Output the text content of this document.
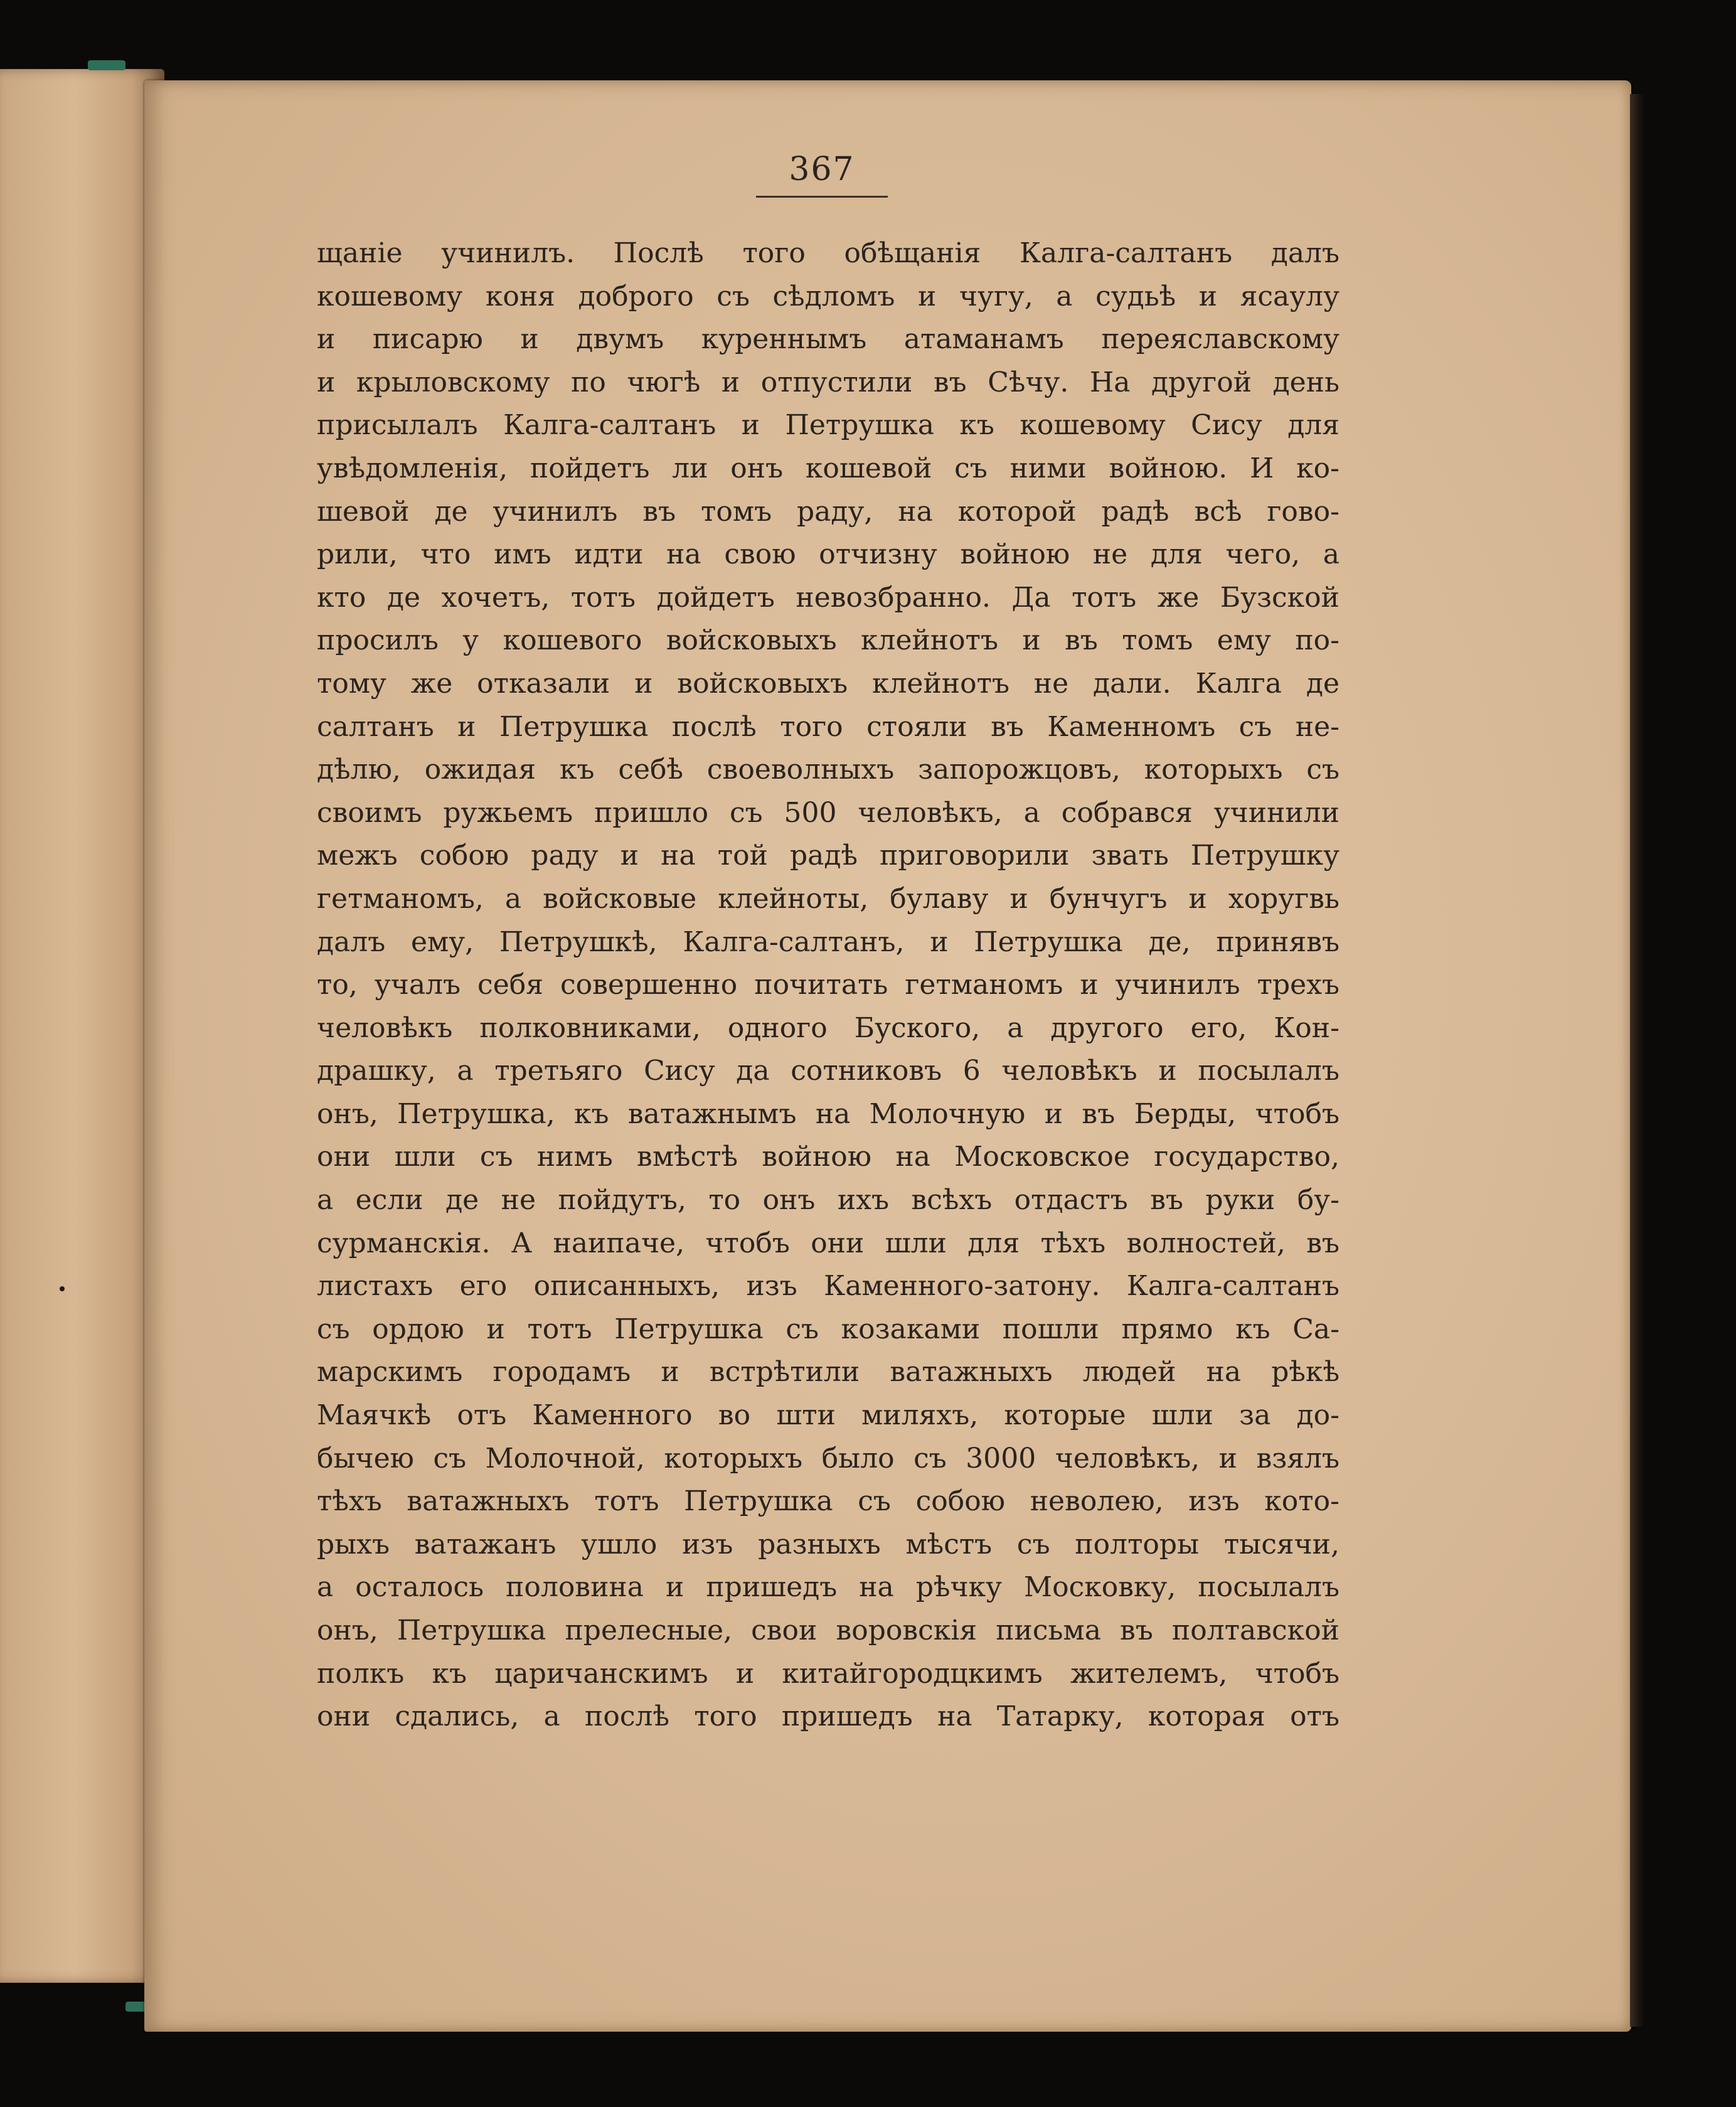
367
щаніе учинилъ. Послѣ того обѣщанія Калга-салтанъ далъ
кошевому коня доброго съ сѣдломъ и чугу, а судьѣ и ясаулу
и писарю и двумъ куреннымъ атаманамъ переяславскому
и крыловскому по чюгѣ и отпустили въ Сѣчу. На другой день
присылалъ Калга-салтанъ и Петрушка къ кошевому Сису для
увѣдомленія, пойдетъ ли онъ кошевой съ ними войною. И ко-
шевой де учинилъ въ томъ раду, на которой радѣ всѣ гово-
рили, что имъ идти на свою отчизну войною не для чего, а
кто де хочетъ, тотъ дойдетъ невозбранно. Да тотъ же Бузской
просилъ у кошевого войсковыхъ клейнотъ и въ томъ ему по-
тому же отказали и войсковыхъ клейнотъ не дали. Калга де
салтанъ и Петрушка послѣ того стояли въ Каменномъ съ не-
дѣлю, ожидая къ себѣ своеволныхъ запорожцовъ, которыхъ съ
своимъ ружьемъ пришло съ 500 человѣкъ, а собрався учинили
межъ собою раду и на той радѣ приговорили звать Петрушку
гетманомъ, а войсковые клейноты, булаву и бунчугъ и хоругвь
далъ ему, Петрушкѣ, Калга-салтанъ, и Петрушка де, принявъ
то, учалъ себя совершенно почитать гетманомъ и учинилъ трехъ
человѣкъ полковниками, одного Буского, а другого его, Кон-
драшку, а третьяго Сису да сотниковъ 6 человѣкъ и посылалъ
онъ, Петрушка, къ ватажнымъ на Молочную и въ Берды, чтобъ
они шли съ нимъ вмѣстѣ войною на Московское государство,
а если де не пойдутъ, то онъ ихъ всѣхъ отдастъ въ руки бу-
сурманскія. А наипаче, чтобъ они шли для тѣхъ волностей, въ
листахъ его описанныхъ, изъ Каменного-затону. Калга-салтанъ
съ ордою и тотъ Петрушка съ козаками пошли прямо къ Са-
марскимъ городамъ и встрѣтили ватажныхъ людей на рѣкѣ
Маячкѣ отъ Каменного во шти миляхъ, которые шли за до-
бычею съ Молочной, которыхъ было съ 3000 человѣкъ, и взялъ
тѣхъ ватажныхъ тотъ Петрушка съ собою неволею, изъ кото-
рыхъ ватажанъ ушло изъ разныхъ мѣстъ съ полторы тысячи,
а осталось половина и пришедъ на рѣчку Московку, посылалъ
онъ, Петрушка прелесные, свои воровскія письма въ полтавской
полкъ къ царичанскимъ и китайгородцкимъ жителемъ, чтобъ
они сдались, а послѣ того пришедъ на Татарку, которая отъ
